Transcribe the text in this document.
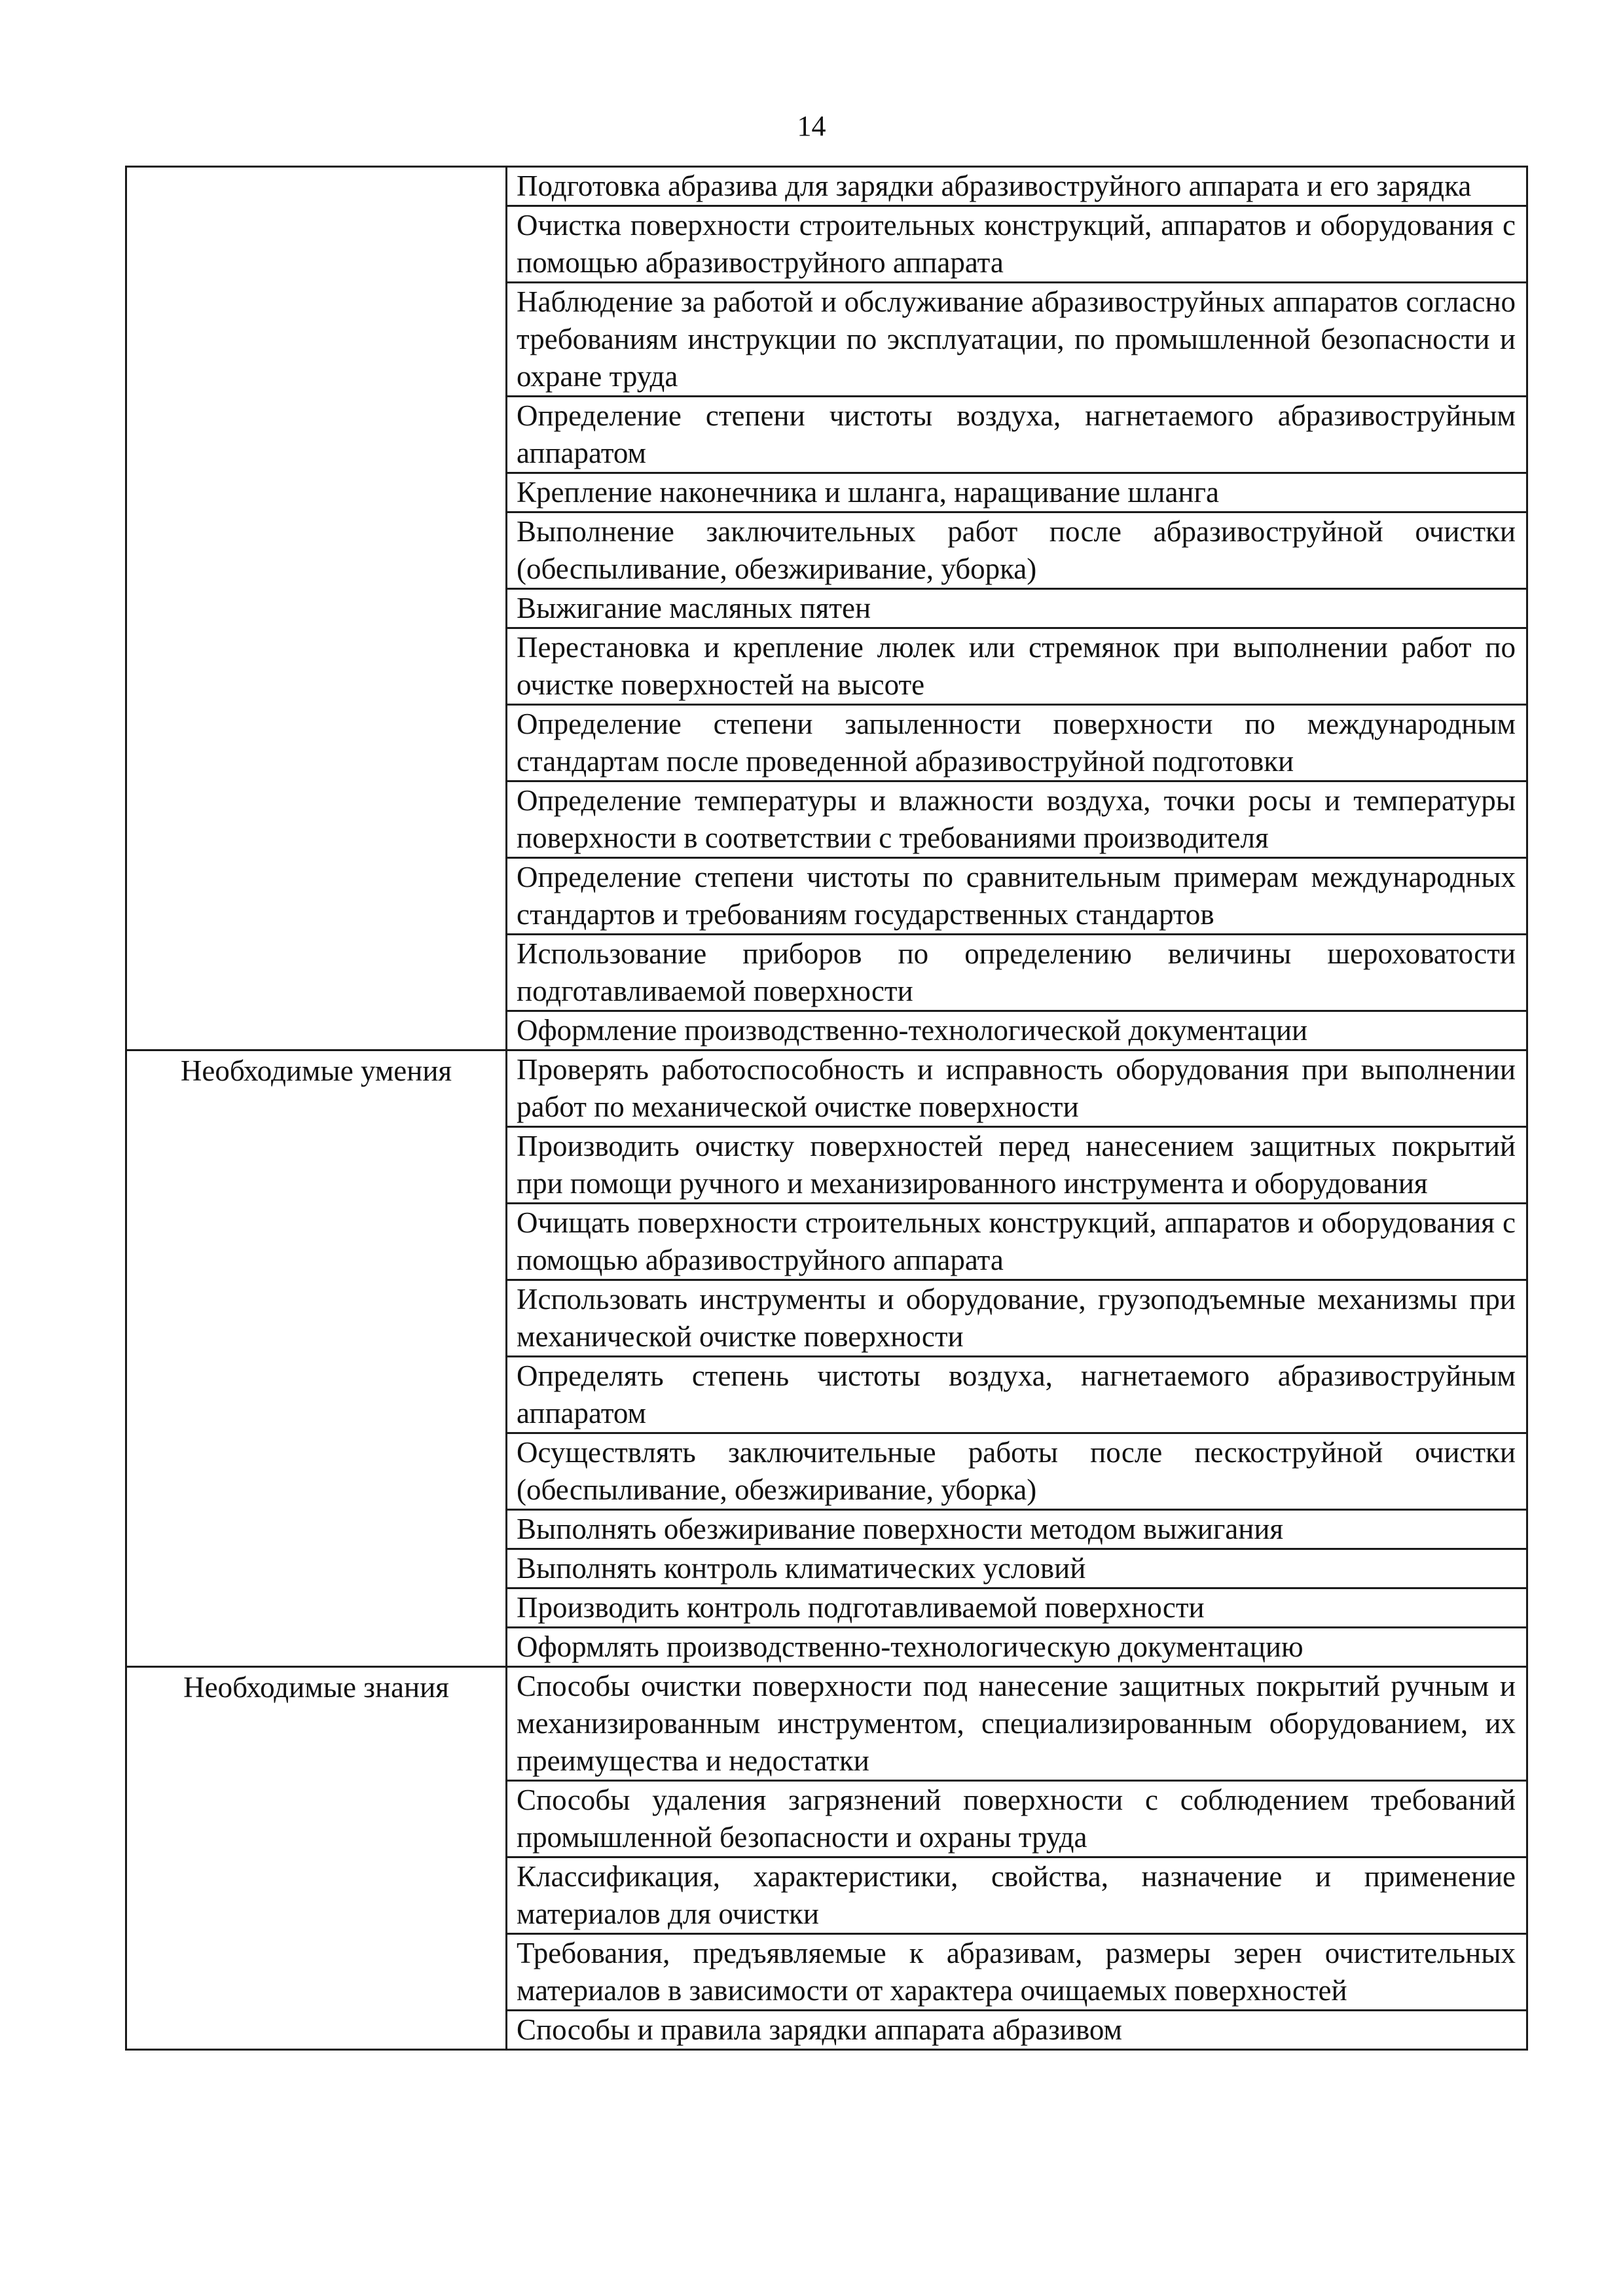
14
	Подготовка абразива для зарядки абразивоструйного аппарата и его зарядка
	Очистка поверхности строительных конструкций, аппаратов и оборудования с помощью абразивоструйного аппарата
	Наблюдение за работой и обслуживание абразивоструйных аппаратов согласно требованиям инструкции по эксплуатации, по промышленной безопасности и охране труда
	Определение степени чистоты воздуха, нагнетаемого абразивоструйным аппаратом
	Крепление наконечника и шланга, наращивание шланга
	Выполнение заключительных работ после абразивоструйной очистки (обеспыливание, обезжиривание, уборка)
	Выжигание масляных пятен
	Перестановка и крепление люлек или стремянок при выполнении работ по очистке поверхностей на высоте
	Определение степени запыленности поверхности по международным стандартам после проведенной абразивоструйной подготовки
	Определение температуры и влажности воздуха, точки росы и температуры поверхности в соответствии с требованиями производителя
	Определение степени чистоты по сравнительным примерам международных стандартов и требованиям государственных стандартов
	Использование приборов по определению величины шероховатости подготавливаемой поверхности
	Оформление производственно-технологической документации
Необходимые умения	Проверять работоспособность и исправность оборудования при выполнении работ по механической очистке поверхности
	Производить очистку поверхностей перед нанесением защитных покрытий при помощи ручного и механизированного инструмента и оборудования
	Очищать поверхности строительных конструкций, аппаратов и оборудования с помощью абразивоструйного аппарата
	Использовать инструменты и оборудование, грузоподъемные механизмы при механической очистке поверхности
	Определять степень чистоты воздуха, нагнетаемого абразивоструйным аппаратом
	Осуществлять заключительные работы после пескоструйной очистки (обеспыливание, обезжиривание, уборка)
	Выполнять обезжиривание поверхности методом выжигания
	Выполнять контроль климатических условий
	Производить контроль подготавливаемой поверхности
	Оформлять производственно-технологическую документацию
Необходимые знания	Способы очистки поверхности под нанесение защитных покрытий ручным и механизированным инструментом, специализированным оборудованием, их преимущества и недостатки
	Способы удаления загрязнений поверхности с соблюдением требований промышленной безопасности и охраны труда
	Классификация, характеристики, свойства, назначение и применение материалов для очистки
	Требования, предъявляемые к абразивам, размеры зерен очистительных материалов в зависимости от характера очищаемых поверхностей
	Способы и правила зарядки аппарата абразивом
